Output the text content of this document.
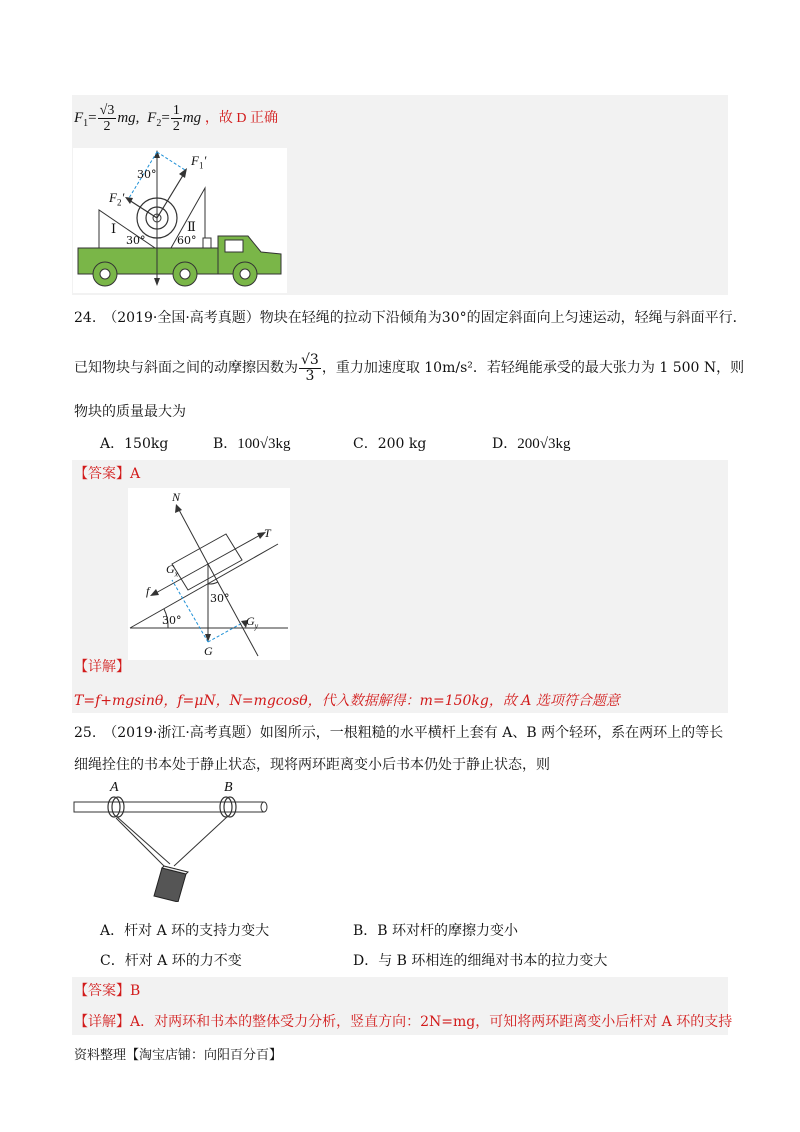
$F_1= \frac{√3}{2}$ mg, $F_2= \frac{1}{2}$ mg ，故 D 正确
$F_1'$
$F_2'$
30°
30°	60°
Ⅰ	Ⅱ
24.　（2019·全国·高考真题）物块在轻绳的拉动下沿倾角为30°的固定斜面向上匀速运动，轻绳与斜面平行．
已知物块与斜面之间的动摩擦因数为 $\frac{√3}{3}$ ，重力加速度取 10m/s²．若轻绳能承受的最大张力为 1 500 N，则
物块的质量最大为
A．150kg	B．100√3kg	C．200 kg	D．200√3kg
【答案】A
N
T
$G_x$
f
30°
30°	$G_y$
G
【详解】
T=f+mgsinθ，f=μN，N=mgcosθ，代入数据解得：m=150kg，故 A 选项符合题意
25.　（2019·浙江·高考真题）如图所示，一根粗糙的水平横杆上套有 A、B 两个轻环，系在两环上的等长
细绳拴住的书本处于静止状态，现将两环距离变小后书本仍处于静止状态，则
A	B
A．杆对 A 环的支持力变大	B．B 环对杆的摩擦力变小
C．杆对 A 环的力不变	D．与 B 环相连的细绳对书本的拉力变大
【答案】B
【详解】A．对两环和书本的整体受力分析，竖直方向：2N=mg，可知将两环距离变小后杆对 A 环的支持
资料整理【淘宝店铺：向阳百分百】
